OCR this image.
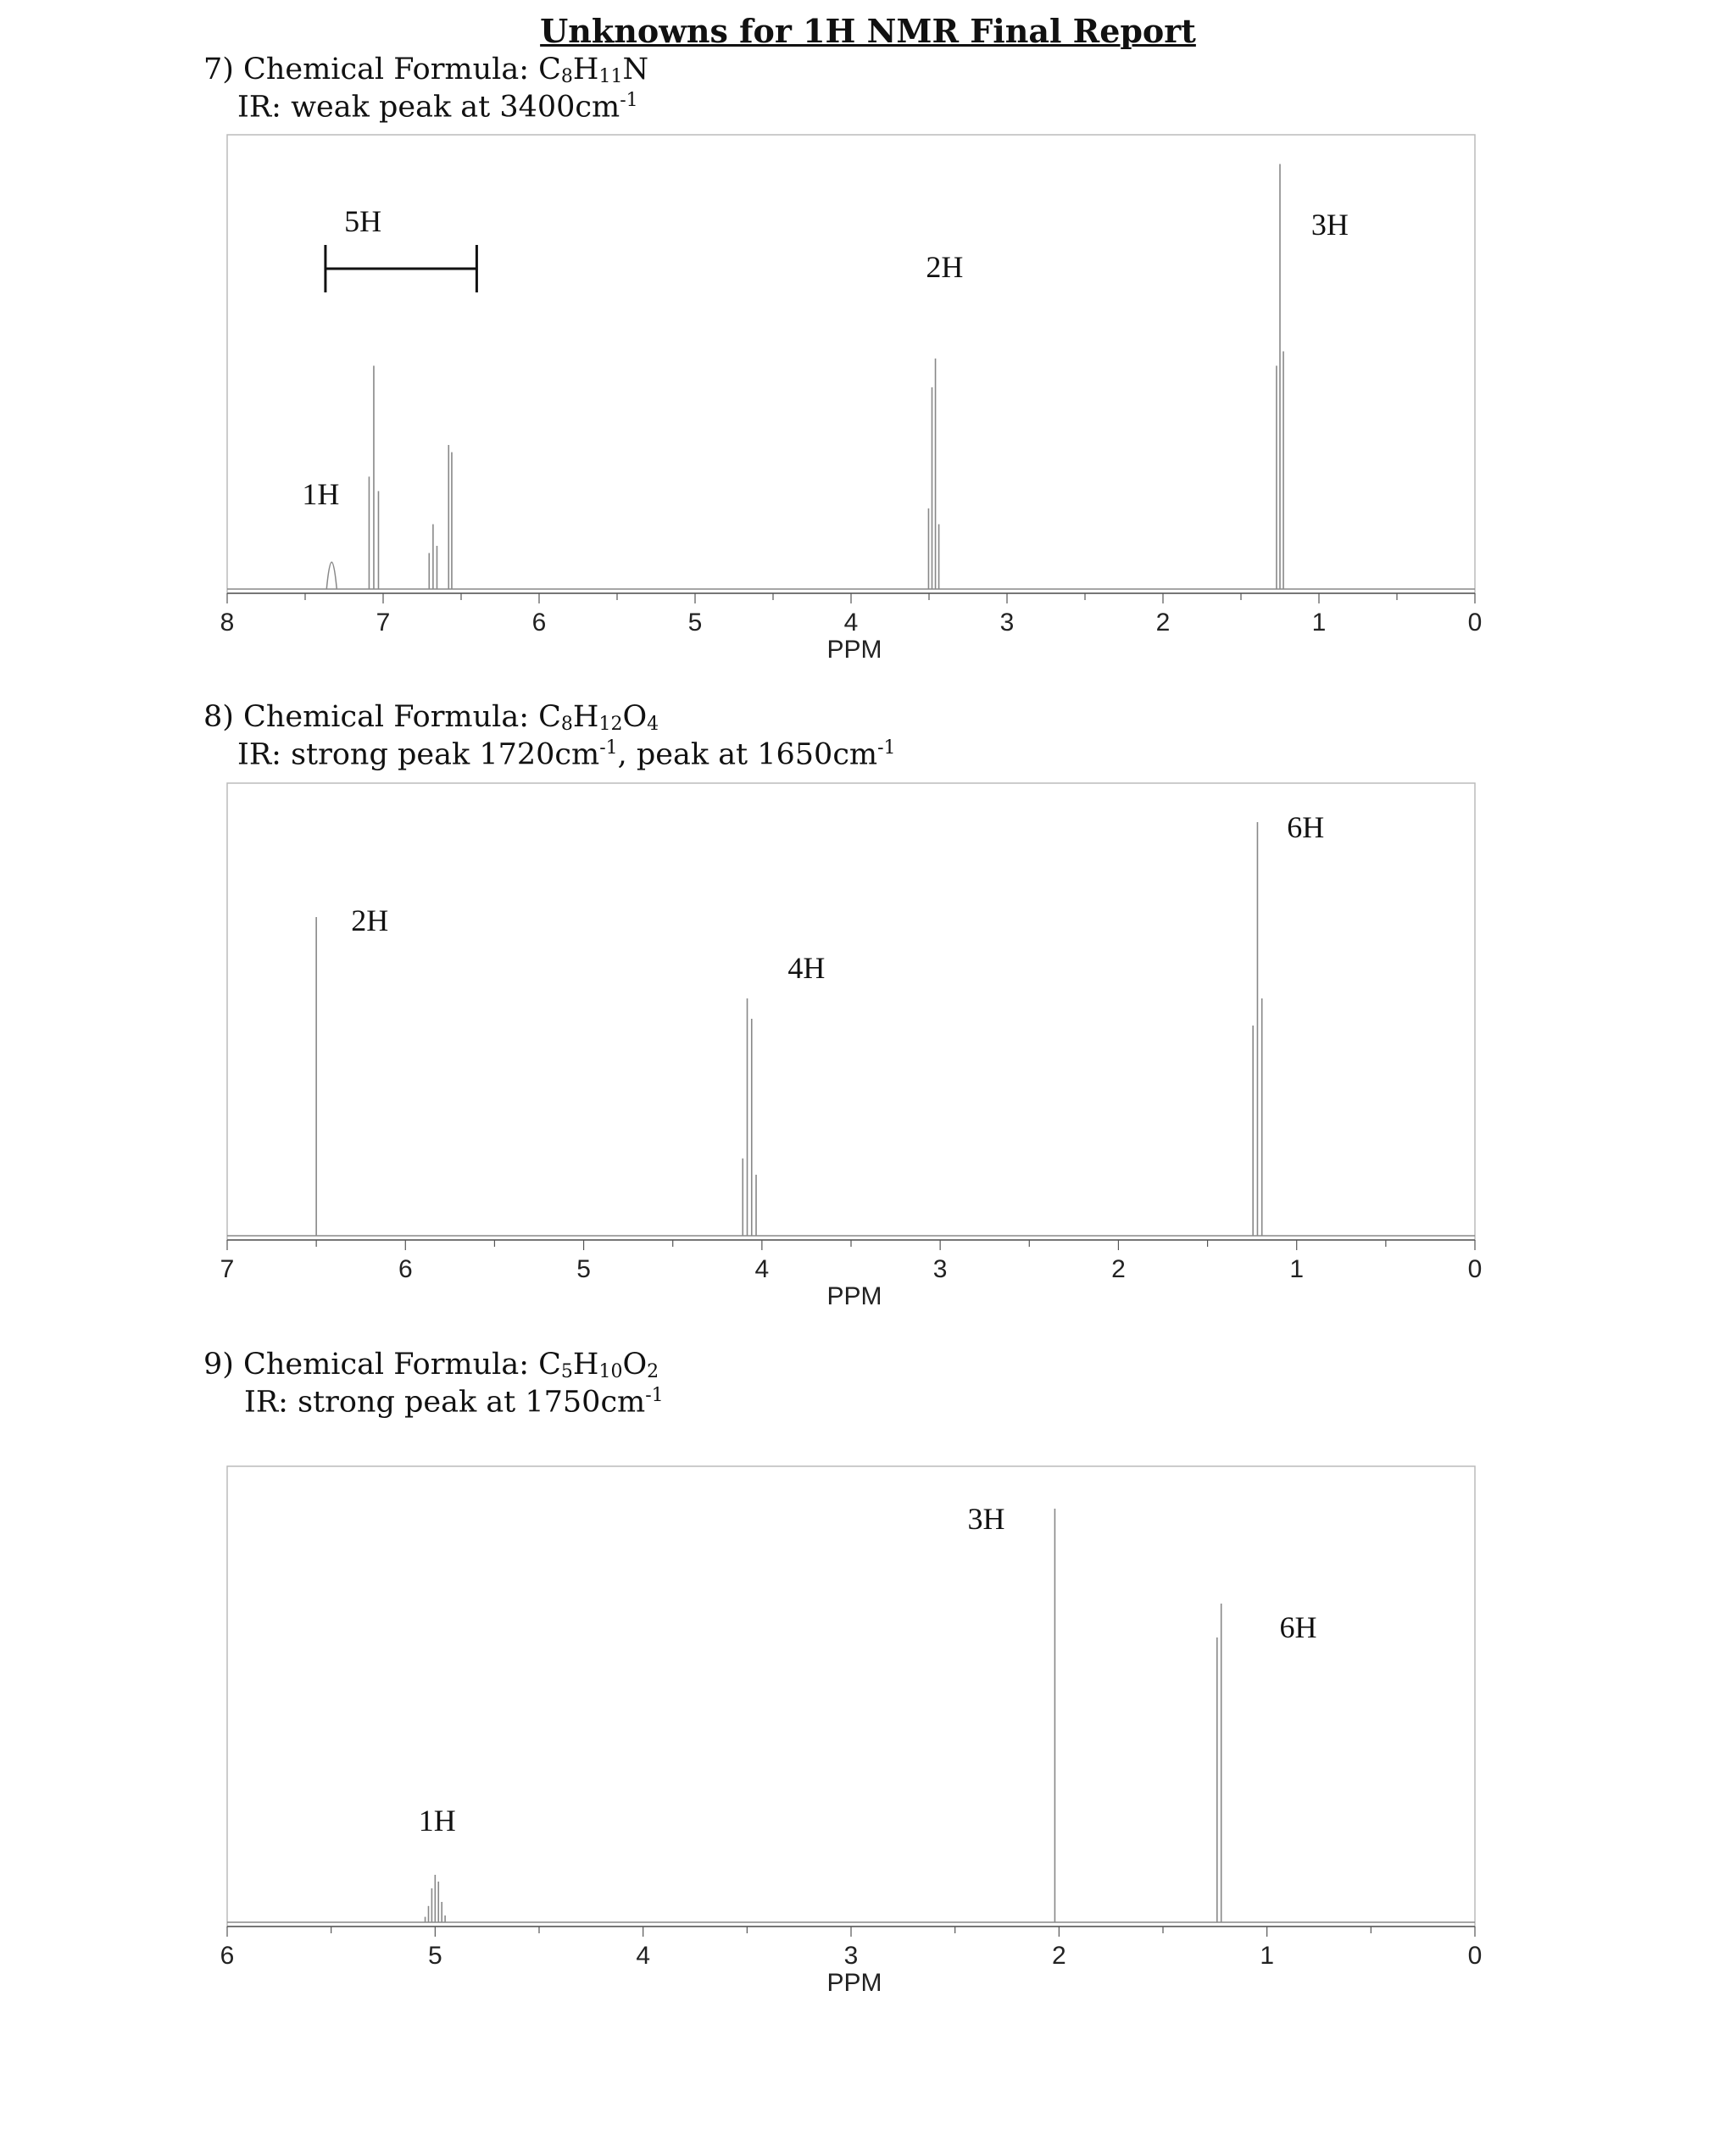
Unknowns for 1H NMR Final Report
7) Chemical Formula: $C_8H_{11}N$
IR: weak peak at $3400cm^{-1}$
8	7	6	5	4	3	2	1	0
PPM
1H
5H
2H
3H
8) Chemical Formula: $C_8H_{12}O_4$
IR: strong peak $1720cm^{-1}$, peak at $1650cm^{-1}$
7	6	5	4	3	2	1	0
PPM
2H
4H
6H
9) Chemical Formula: $C_5H_{10}O_2$
IR: strong peak at $1750cm^{-1}$
6	5	4	3	2	1	0
PPM
1H
3H
6H
